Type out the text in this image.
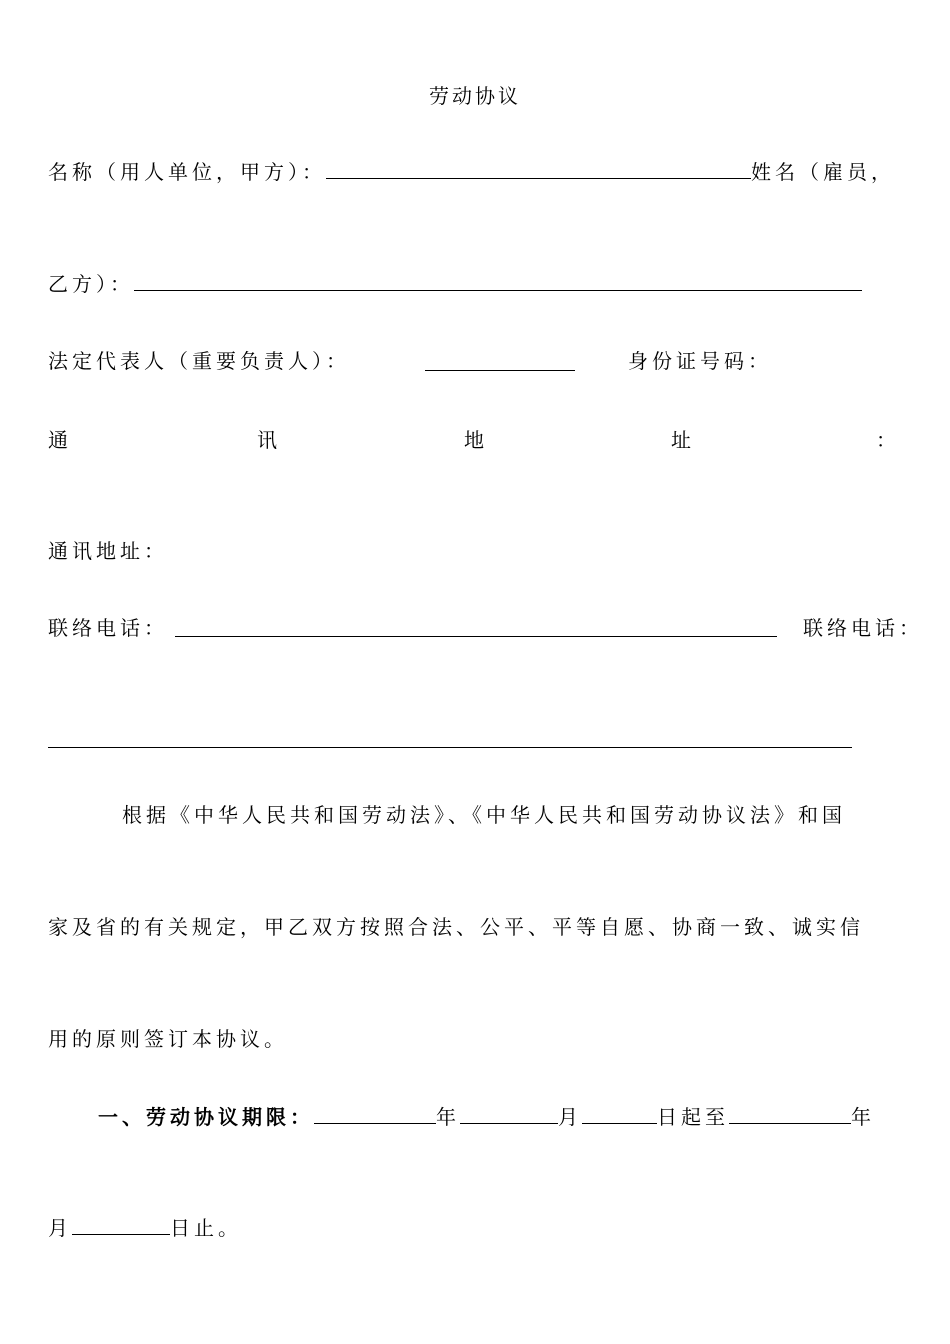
劳动协议
名称（用人单位，甲方）：	姓名（雇员，
乙方）：
法定代表人（重要负责人）：	身份证号码：
通	讯	地	址	：
通讯地址：
联络电话：	联络电话：
根据《中华人民共和国劳动法》、《中华人民共和国劳动协议法》和国
家及省的有关规定，甲乙双方按照合法、公平、平等自愿、协商一致、诚实信
用的原则签订本协议。
一、劳动协议期限：	年	月	日起至	年
月	日止。
